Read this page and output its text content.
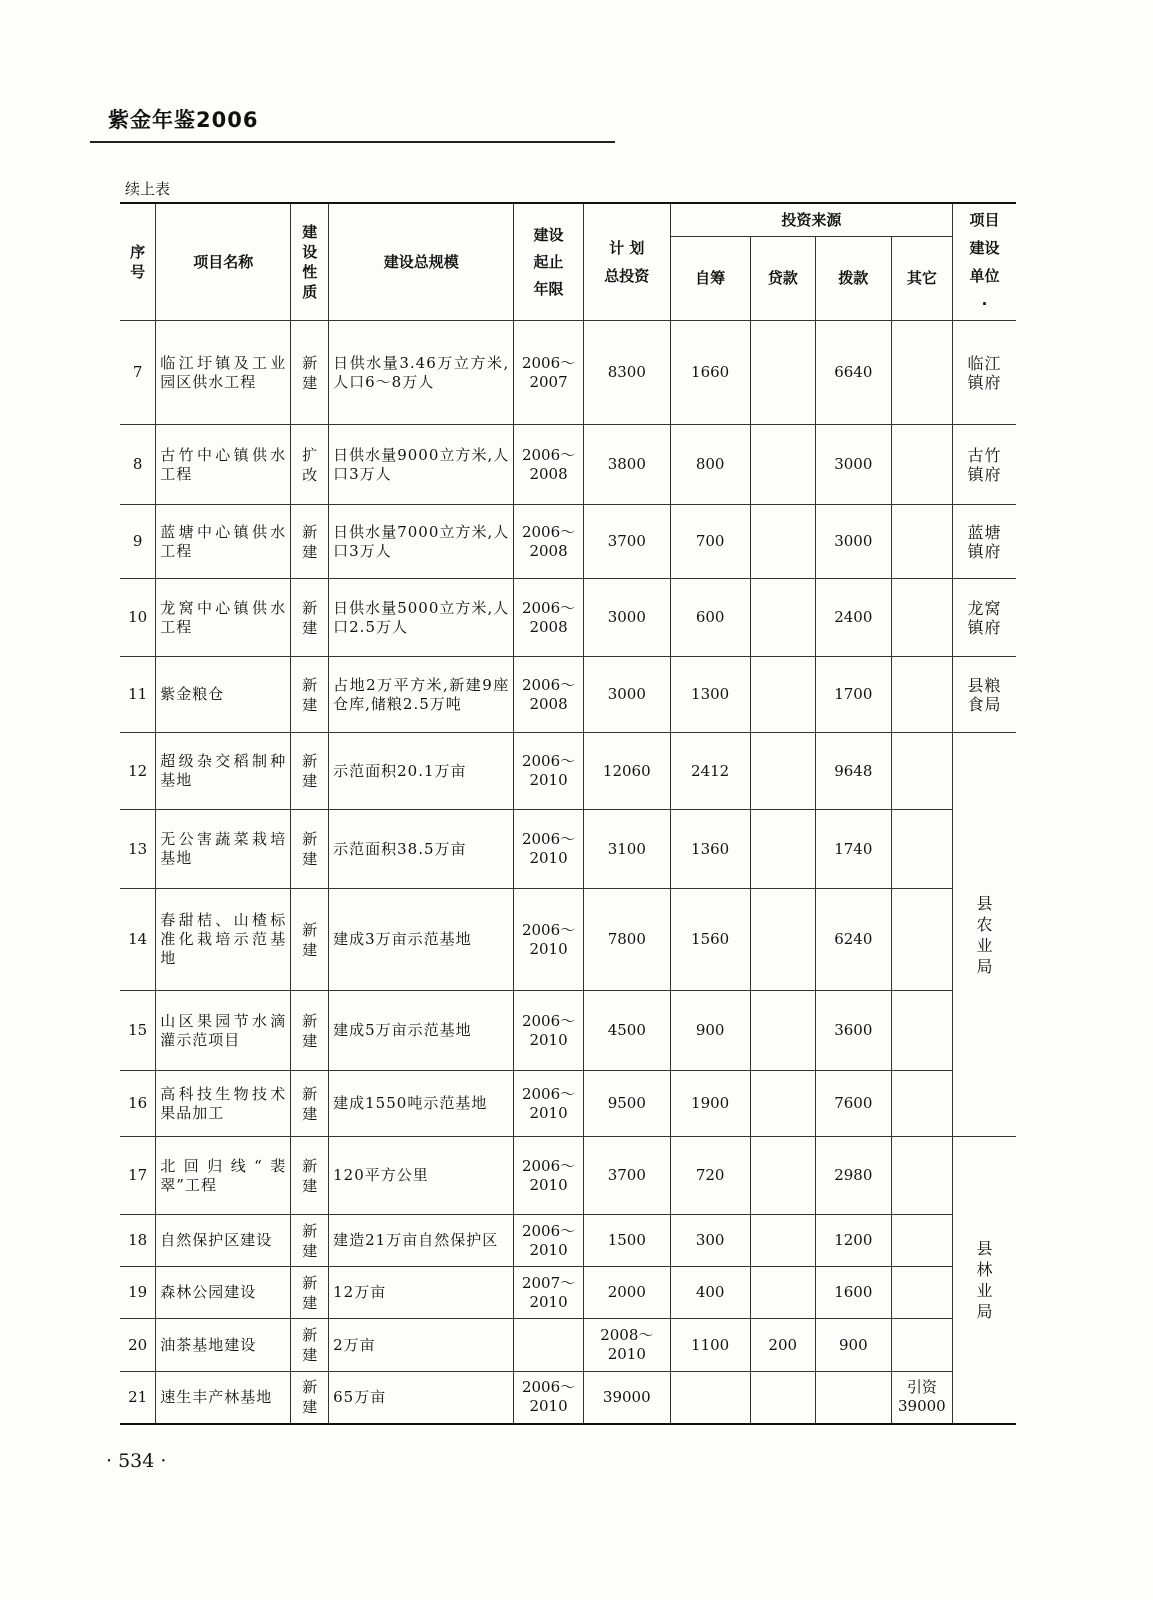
紫金年鉴2006
续上表
序号	项目名称	建设性质	建设总规模	建设起止年限	计 划 总投资	投资来源				项目建设单位·

						自筹	贷款	拨款	其它	
7	临江圩镇及工业园区供水工程	新建	日供水量3.46万立方米,人口6～8万人	2006～2007	8300	1660		6640		临江镇府
8	古竹中心镇供水工程	扩改	日供水量9000立方米,人口3万人	2006～2008	3800	800		3000		古竹镇府
9	蓝塘中心镇供水工程	新建	日供水量7000立方米,人口3万人	2006～2008	3700	700		3000		蓝塘镇府
10	龙窝中心镇供水工程	新建	日供水量5000立方米,人口2.5万人	2006～2008	3000	600		2400		龙窝镇府
11	紫金粮仓	新建	占地2万平方米,新建9座仓库,储粮2.5万吨	2006～2008	3000	1300		1700		县粮食局
12	超级杂交稻制种基地	新建	示范面积20.1万亩	2006～2010	12060	2412		9648		县农业局

13	无公害蔬菜栽培基地	新建	示范面积38.5万亩	2006～2010	3100	1360		1740		
14	春甜桔、山楂标准化栽培示范基地	新建	建成3万亩示范基地	2006～2010	7800	1560		6240		
15	山区果园节水滴灌示范项目	新建	建成5万亩示范基地	2006～2010	4500	900		3600		
16	高科技生物技术果品加工	新建	建成1550吨示范基地	2006～2010	9500	1900		7600		
17	北回归线“裴翠”工程	新建	120平方公里	2006～2010	3700	720		2980		县林业局

18	自然保护区建设	新建	建造21万亩自然保护区	2006～2010	1500	300		1200		
19	森林公园建设	新建	12万亩	2007～2010	2000	400		1600		
20	油茶基地建设	新建	2万亩		2008～2010	1100	200	900		
21	速生丰产林基地	新建	65万亩	2006～2010	39000				引资39000	
· 534 ·
